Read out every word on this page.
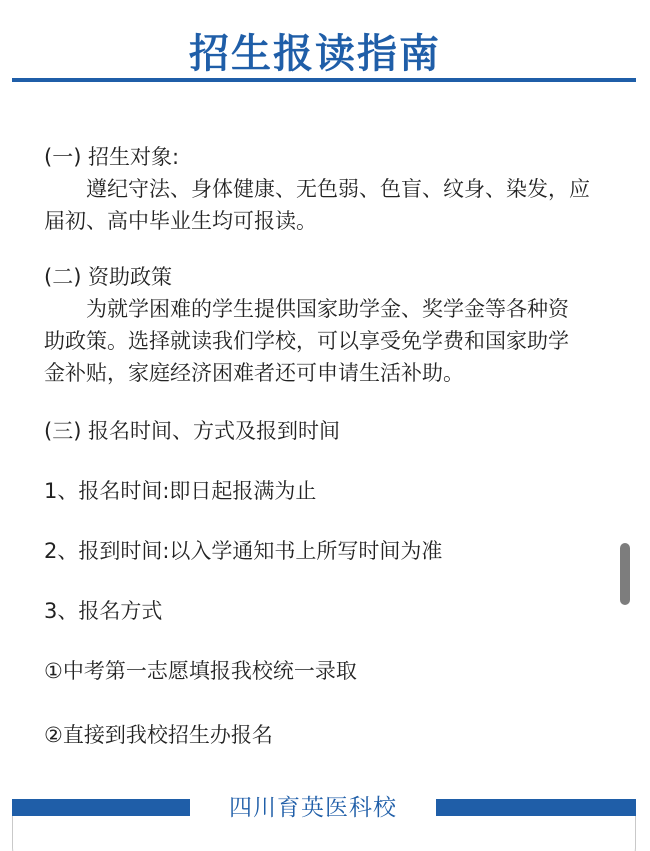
招生报读指南
(一) 招生对象:
遵纪守法、身体健康、无色弱、色盲、纹身、染发，应
届初、高中毕业生均可报读。
(二) 资助政策
为就学困难的学生提供国家助学金、奖学金等各种资
助政策。选择就读我们学校，可以享受免学费和国家助学
金补贴，家庭经济困难者还可申请生活补助。
(三) 报名时间、方式及报到时间
1、报名时间:即日起报满为止
2、报到时间:以入学通知书上所写时间为准
3、报名方式
①中考第一志愿填报我校统一录取
②直接到我校招生办报名
四川育英医科校
